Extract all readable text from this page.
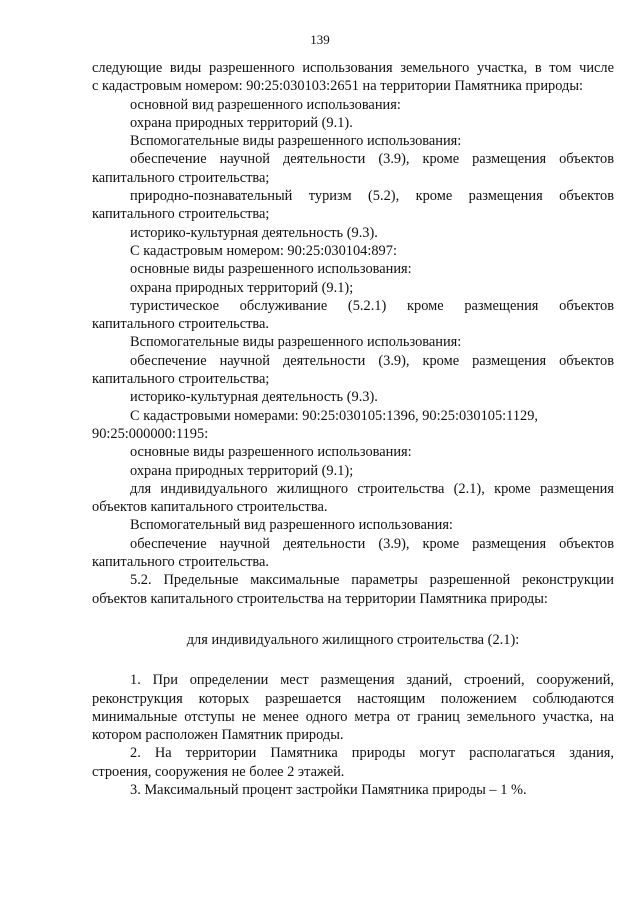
139

следующие виды разрешенного использования земельного участка, в том числе

с кадастровым номером: 90:25:030103:2651 на территории Памятника природы:

основной вид разрешенного использования:

охрана природных территорий (9.1).

Вспомогательные виды разрешенного использования:

обеспечение научной деятельности (3.9), кроме размещения объектов

капитального строительства;

природно-познавательный туризм (5.2), кроме размещения объектов

капитального строительства;

историко-культурная деятельность (9.3).

С кадастровым номером: 90:25:030104:897:

основные виды разрешенного использования:

охрана природных территорий (9.1);

туристическое обслуживание (5.2.1) кроме размещения объектов

капитального строительства.

Вспомогательные виды разрешенного использования:

обеспечение научной деятельности (3.9), кроме размещения объектов

капитального строительства;

историко-культурная деятельность (9.3).

С кадастровыми номерами: 90:25:030105:1396, 90:25:030105:1129,

90:25:000000:1195:

основные виды разрешенного использования:

охрана природных территорий (9.1);

для индивидуального жилищного строительства (2.1), кроме размещения

объектов капитального строительства.

Вспомогательный вид разрешенного использования:

обеспечение научной деятельности (3.9), кроме размещения объектов

капитального строительства.

5.2. Предельные максимальные параметры разрешенной реконструкции

объектов капитального строительства на территории Памятника природы:

для индивидуального жилищного строительства (2.1):

1. При определении мест размещения зданий, строений, сооружений,

реконструкция которых разрешается настоящим положением соблюдаются

минимальные отступы не менее одного метра от границ земельного участка, на

котором расположен Памятник природы.

2. На территории Памятника природы могут располагаться здания,

строения, сооружения не более 2 этажей.

3. Максимальный процент застройки Памятника природы – 1 %.
